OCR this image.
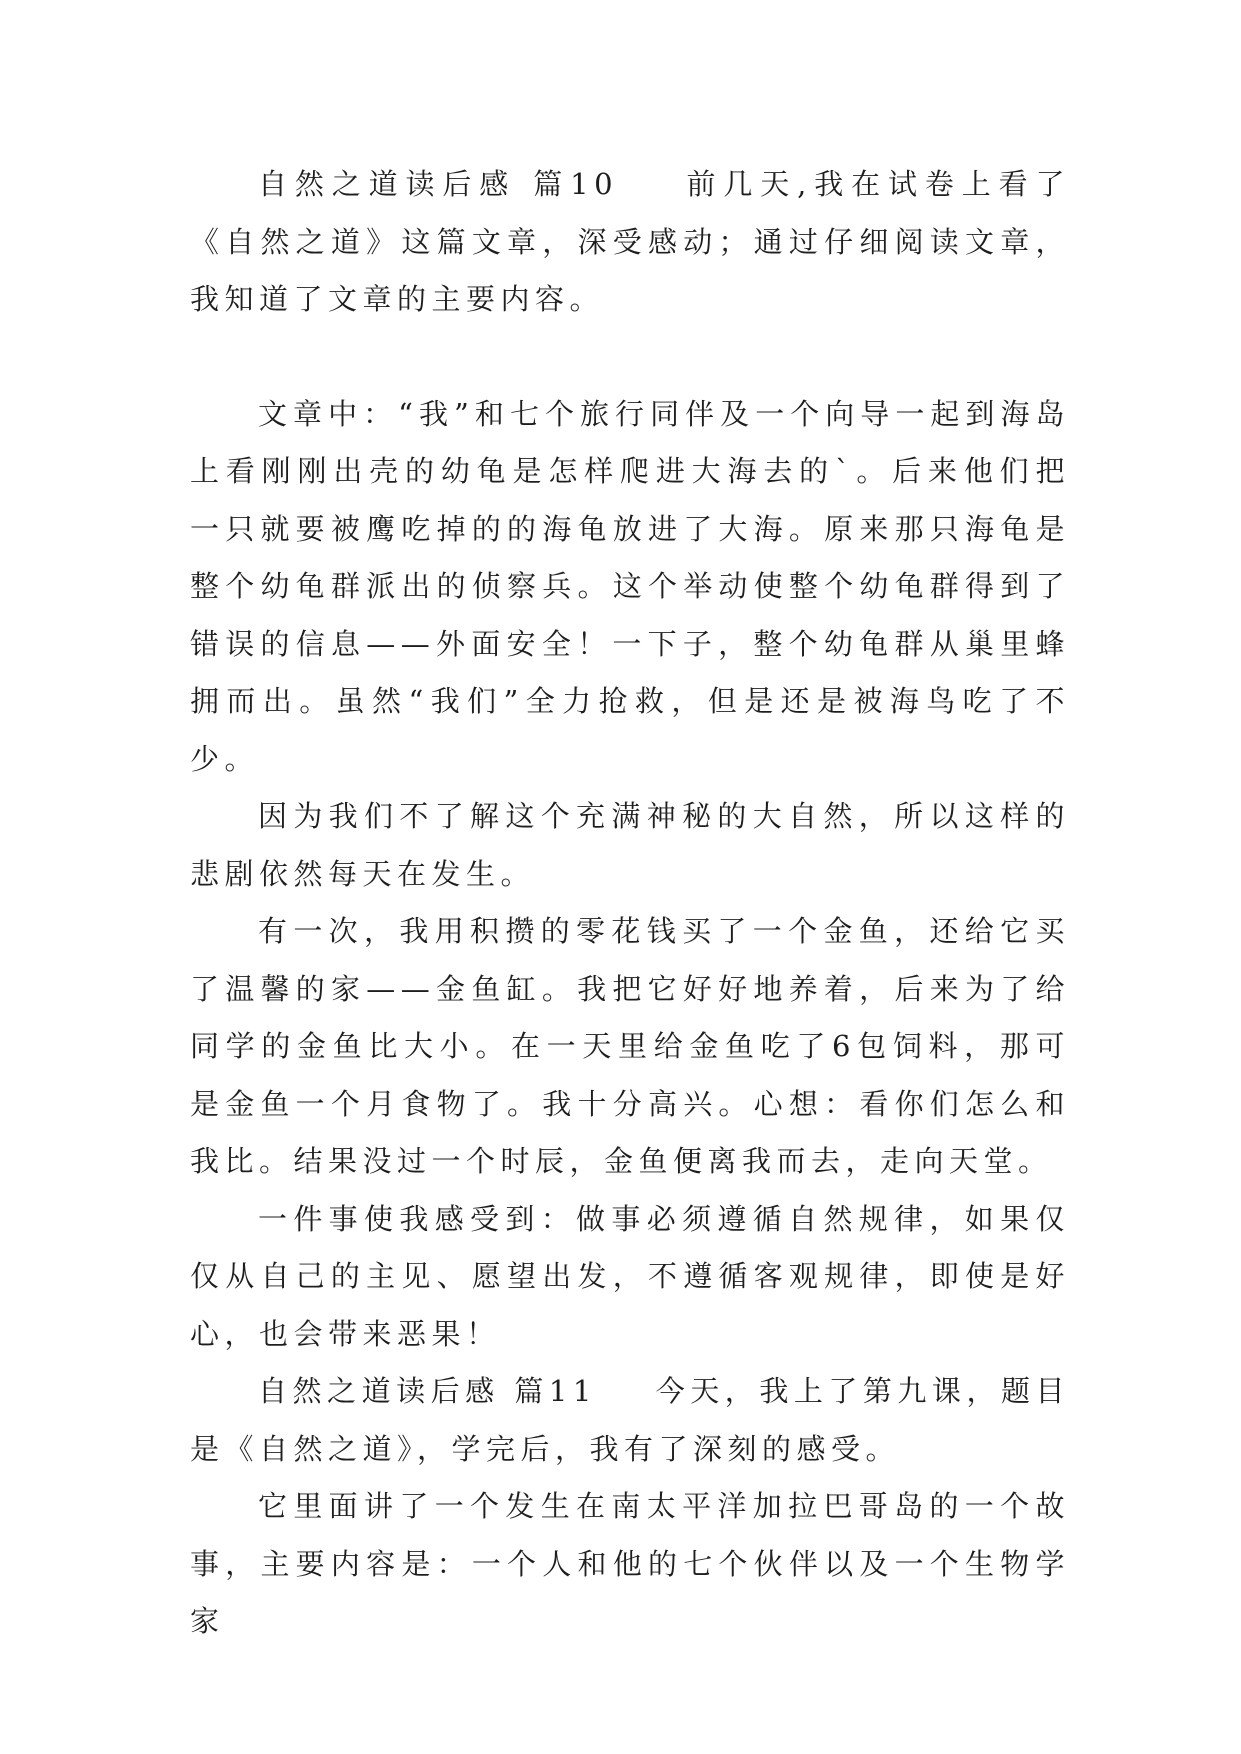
自然之道读后感 篇10    前几天,我在试卷上看了《自然之道》这篇文章，深受感动；通过仔细阅读文章，我知道了文章的主要内容。

文章中：“我”和七个旅行同伴及一个向导一起到海岛上看刚刚出壳的幼龟是怎样爬进大海去的`。后来他们把一只就要被鹰吃掉的的海龟放进了大海。原来那只海龟是整个幼龟群派出的侦察兵。这个举动使整个幼龟群得到了错误的信息——外面安全！一下子，整个幼龟群从巢里蜂拥而出。虽然“我们”全力抢救，但是还是被海鸟吃了不少。

因为我们不了解这个充满神秘的大自然，所以这样的悲剧依然每天在发生。

有一次，我用积攒的零花钱买了一个金鱼，还给它买了温馨的家——金鱼缸。我把它好好地养着，后来为了给同学的金鱼比大小。在一天里给金鱼吃了6包饲料，那可是金鱼一个月食物了。我十分高兴。心想：看你们怎么和我比。结果没过一个时辰，金鱼便离我而去，走向天堂。

一件事使我感受到：做事必须遵循自然规律，如果仅仅从自己的主见、愿望出发，不遵循客观规律，即使是好心，也会带来恶果！

自然之道读后感 篇11    今天，我上了第九课，题目是《自然之道》，学完后，我有了深刻的感受。

它里面讲了一个发生在南太平洋加拉巴哥岛的一个故事，主要内容是：一个人和他的七个伙伴以及一个生物学家
